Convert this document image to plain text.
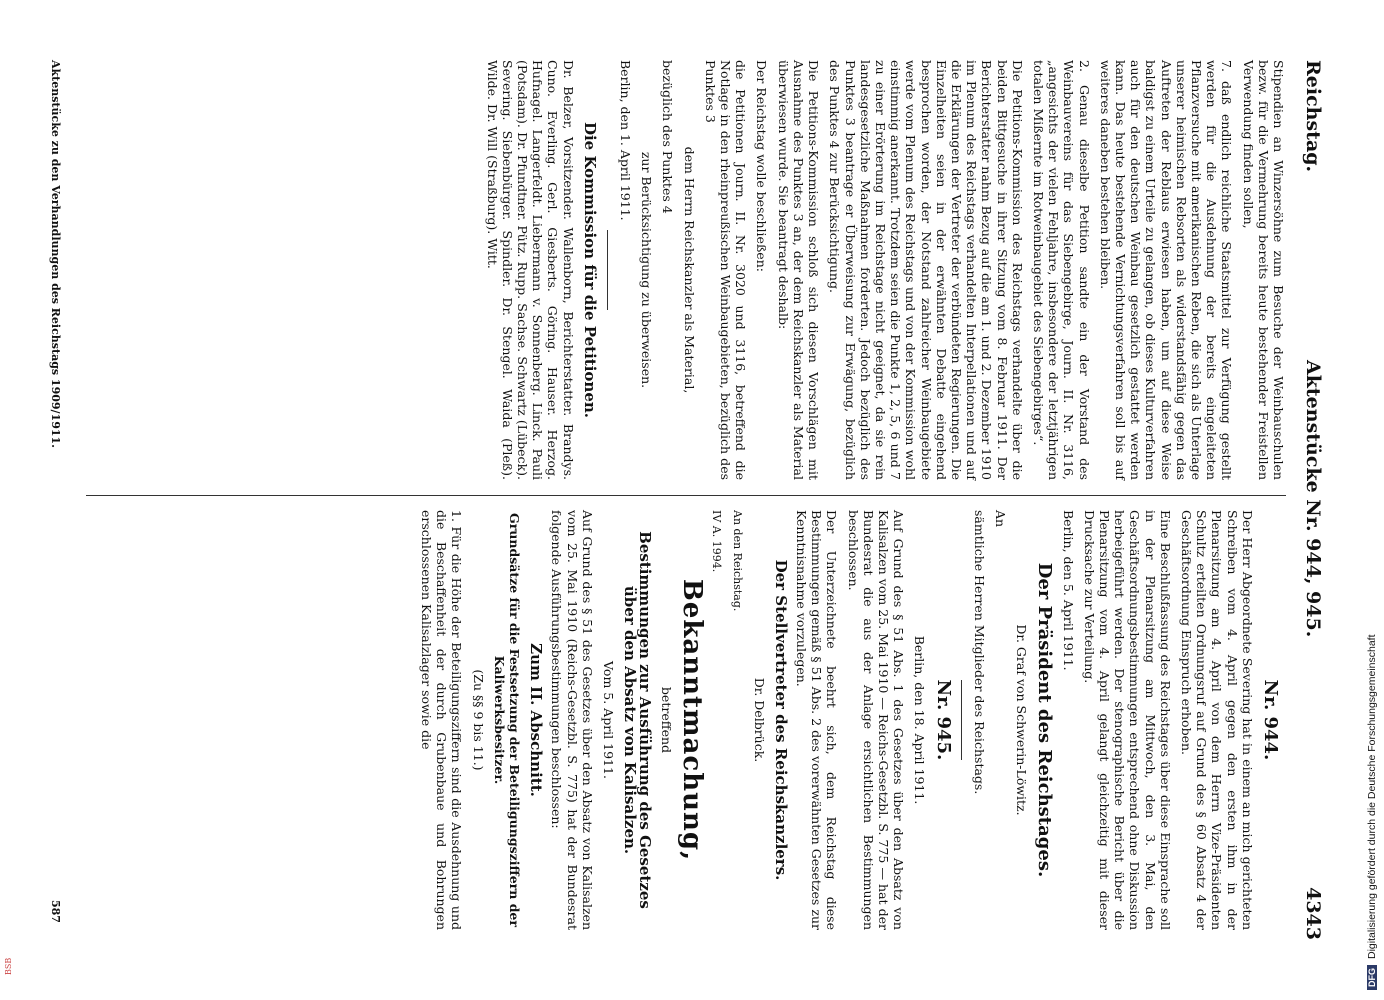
Reichstag.
Aktenstücke Nr. 944, 945.
4343

Stipendien an Winzersöhne zum Besuche der Weinbauschulen bezw. für die Vermehrung bereits heute bestehender Freistellen Verwendung finden sollen,

7. daß endlich reichliche Staatsmittel zur Verfügung gestellt werden für die Ausdehnung der bereits eingeleiteten Pflanzversuche mit amerikanischen Reben, die sich als Unterlage unserer heimischen Rebsorten als widerstandsfähig gegen das Auftreten der Reblaus erwiesen haben, um auf diese Weise baldigst zu einem Urteile zu gelangen, ob dieses Kulturverfahren auch für den deutschen Weinbau gesetzlich gestattet werden kann. Das heute bestehende Vernichtungsverfahren soll bis auf weiteres daneben bestehen bleiben.

2. Genau dieselbe Petition sandte ein der Vorstand des Weinbauvereins für das Siebengebirge, Journ. II. Nr. 3116, „angesichts der vielen Fehljahre, insbesondere der letztjährigen totalen Mißernte im Rotweinbaugebiet des Siebengebirges“.

Die Petitions-Kommission des Reichstags verhandelte über die beiden Bittgesuche in ihrer Sitzung vom 8. Februar 1911. Der Berichterstatter nahm Bezug auf die am 1. und 2. Dezember 1910 im Plenum des Reichstags verhandelten Interpellationen und auf die Erklärungen der Vertreter der verbündeten Regierungen. Die Einzelheiten seien in der erwähnten Debatte eingehend besprochen worden, der Notstand zahlreicher Weinbaugebiete werde vom Plenum des Reichstags und von der Kommission wohl einstimmig anerkannt. Trotzdem seien die Punkte 1, 2, 5, 6 und 7 zu einer Erörterung im Reichstage nicht geeignet, da sie rein landesgesetzliche Maßnahmen forderten. Jedoch bezüglich des Punktes 3 beantrage er Überweisung zur Erwägung, bezüglich des Punktes 4 zur Berücksichtigung.

Die Petitions-Kommission schloß sich diesen Vorschlägen mit Ausnahme des Punktes 3 an, der dem Reichskanzler als Material überwiesen wurde. Sie beantragt deshalb:

Der Reichstag wolle beschließen:

die Petitionen Journ. II. Nr. 3020 und 3116, betreffend die Notlage in den rheinpreußischen Weinbaugebieten, bezüglich des Punktes 3

dem Herrn Reichskanzler als Material,

bezüglich des Punktes 4

zur Berücksichtigung zu überweisen.

Berlin, den 1. April 1911.

Die Kommission für die Petitionen.

Dr. Belzer, Vorsitzender. Wallenborn, Berichterstatter. Brandys. Cuno. Everling. Gerl. Giesberts. Göring. Hauser. Herzog. Hufnagel. Langerfeldt. Liebermann v. Sonnenberg. Linck. Pauli (Potsdam). Dr. Pfundtner. Pütz. Rupp. Sachse. Schwartz (Lübeck). Severing. Siebenbürger. Spindler. Dr. Stengel. Waida (Pleß). Wilde. Dr. Will (Straßburg). Witt.

Nr. 944.

Der Herr Abgeordnete Severing hat in einem an mich gerichteten Schreiben vom 4. April gegen den ersten ihm in der Plenarsitzung am 4. April von dem Herrn Vize-Präsidenten Schultz erteilten Ordnungsruf auf Grund des § 60 Absatz 4 der Geschäftsordnung Einspruch erhoben.

Eine Beschlußfassung des Reichstages über diese Einsprache soll in der Plenarsitzung am Mittwoch, den 3. Mai, den Geschäftsordnungsbestimmungen entsprechend ohne Diskussion herbeigeführt werden. Der stenographische Bericht über die Plenarsitzung vom 4. April gelangt gleichzeitig mit dieser Drucksache zur Verteilung.

Berlin, den 5. April 1911.

Der Präsident des Reichstages.

Dr. Graf von Schwerin-Löwitz.

An

sämtliche Herren Mitglieder des Reichstags.

Nr. 945.

Berlin, den 18. April 1911.

Auf Grund des § 51 Abs. 1 des Gesetzes über den Absatz von Kalisalzen vom 25. Mai 1910 — Reichs-Gesetzbl. S. 775 — hat der Bundesrat die aus der Anlage ersichtlichen Bestimmungen beschlossen.

Der Unterzeichnete beehrt sich, dem Reichstag diese Bestimmungen gemäß § 51 Abs. 2 des vorerwähnten Gesetzes zur Kenntnisnahme vorzulegen.

Der Stellvertreter des Reichskanzlers.

Dr. Delbrück.

An den Reichstag.

IV A. 1994.

Bekanntmachung,

betreffend

Bestimmungen zur Ausführung des Gesetzes über den Absatz von Kalisalzen.

Vom 5. April 1911.

Auf Grund des § 51 des Gesetzes über den Absatz von Kalisalzen vom 25. Mai 1910 (Reichs-Gesetzbl. S. 775) hat der Bundesrat folgende Ausführungsbestimmungen beschlossen:

Zum II. Abschnitt.

Grundsätze für die Festsetzung der Beteiligungsziffern der Kaliwerksbesitzer.

(Zu §§ 9 bis 11.)

1. Für die Höhe der Beteiligungsziffern sind die Ausdehnung und die Beschaffenheit der durch Grubenbaue und Bohrungen erschlossenen Kalisalzlager sowie die

Aktenstücke zu den Verhandlungen des Reichstags 1909/1911.
587
DFGDigitalisierung gefördert durch die Deutsche Forschungsgemeinschaft
BSB
